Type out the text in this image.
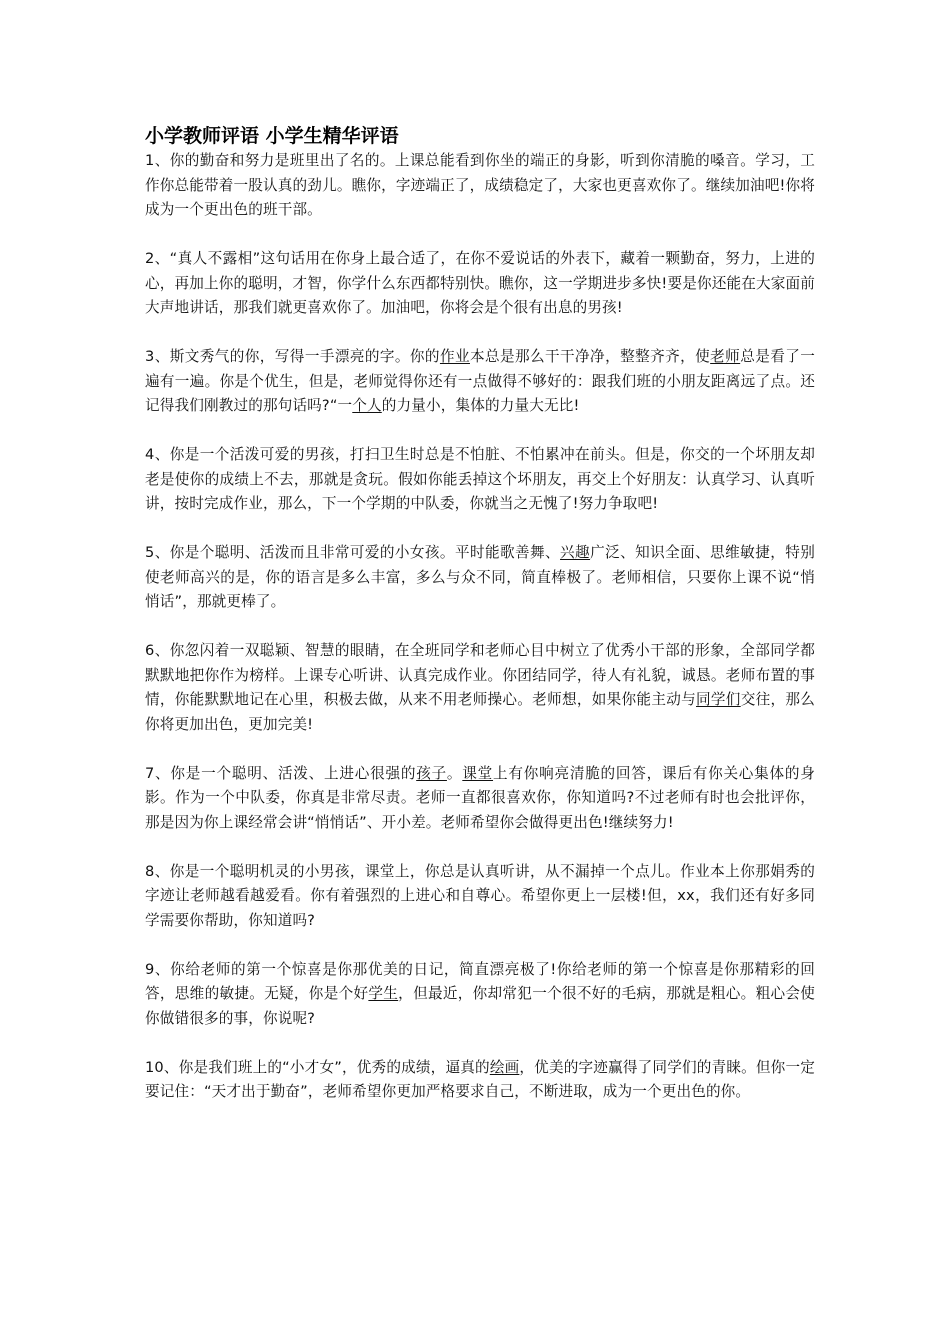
小学教师评语 小学生精华评语

1、你的勤奋和努力是班里出了名的。上课总能看到你坐的端正的身影，听到你清脆的嗓音。学习，工作你总能带着一股认真的劲儿。瞧你，字迹端正了，成绩稳定了，大家也更喜欢你了。继续加油吧!你将成为一个更出色的班干部。

2、“真人不露相”这句话用在你身上最合适了，在你不爱说话的外表下，藏着一颗勤奋，努力，上进的心，再加上你的聪明，才智，你学什么东西都特别快。瞧你，这一学期进步多快!要是你还能在大家面前大声地讲话，那我们就更喜欢你了。加油吧，你将会是个很有出息的男孩!

3、斯文秀气的你，写得一手漂亮的字。你的作业本总是那么干干净净，整整齐齐，使老师总是看了一遍有一遍。你是个优生，但是，老师觉得你还有一点做得不够好的：跟我们班的小朋友距离远了点。还记得我们刚教过的那句话吗?“一个人的力量小，集体的力量大无比!

4、你是一个活泼可爱的男孩，打扫卫生时总是不怕脏、不怕累冲在前头。但是，你交的一个坏朋友却老是使你的成绩上不去，那就是贪玩。假如你能丢掉这个坏朋友，再交上个好朋友：认真学习、认真听讲，按时完成作业，那么，下一个学期的中队委，你就当之无愧了!努力争取吧!

5、你是个聪明、活泼而且非常可爱的小女孩。平时能歌善舞、兴趣广泛、知识全面、思维敏捷，特别使老师高兴的是，你的语言是多么丰富，多么与众不同，简直棒极了。老师相信，只要你上课不说“悄悄话”，那就更棒了。

6、你忽闪着一双聪颖、智慧的眼睛，在全班同学和老师心目中树立了优秀小干部的形象，全部同学都默默地把你作为榜样。上课专心听讲、认真完成作业。你团结同学，待人有礼貌，诚恳。老师布置的事情，你能默默地记在心里，积极去做，从来不用老师操心。老师想，如果你能主动与同学们交往，那么你将更加出色，更加完美!

7、你是一个聪明、活泼、上进心很强的孩子。课堂上有你响亮清脆的回答，课后有你关心集体的身影。作为一个中队委，你真是非常尽责。老师一直都很喜欢你，你知道吗?不过老师有时也会批评你，那是因为你上课经常会讲“悄悄话”、开小差。老师希望你会做得更出色!继续努力!

8、你是一个聪明机灵的小男孩，课堂上，你总是认真听讲，从不漏掉一个点儿。作业本上你那娟秀的字迹让老师越看越爱看。你有着强烈的上进心和自尊心。希望你更上一层楼!但，xx，我们还有好多同学需要你帮助，你知道吗?

9、你给老师的第一个惊喜是你那优美的日记，简直漂亮极了!你给老师的第一个惊喜是你那精彩的回答，思维的敏捷。无疑，你是个好学生，但最近，你却常犯一个很不好的毛病，那就是粗心。粗心会使你做错很多的事，你说呢?

10、你是我们班上的“小才女”，优秀的成绩，逼真的绘画，优美的字迹赢得了同学们的青睐。但你一定要记住：“天才出于勤奋”，老师希望你更加严格要求自己，不断进取，成为一个更出色的你。
